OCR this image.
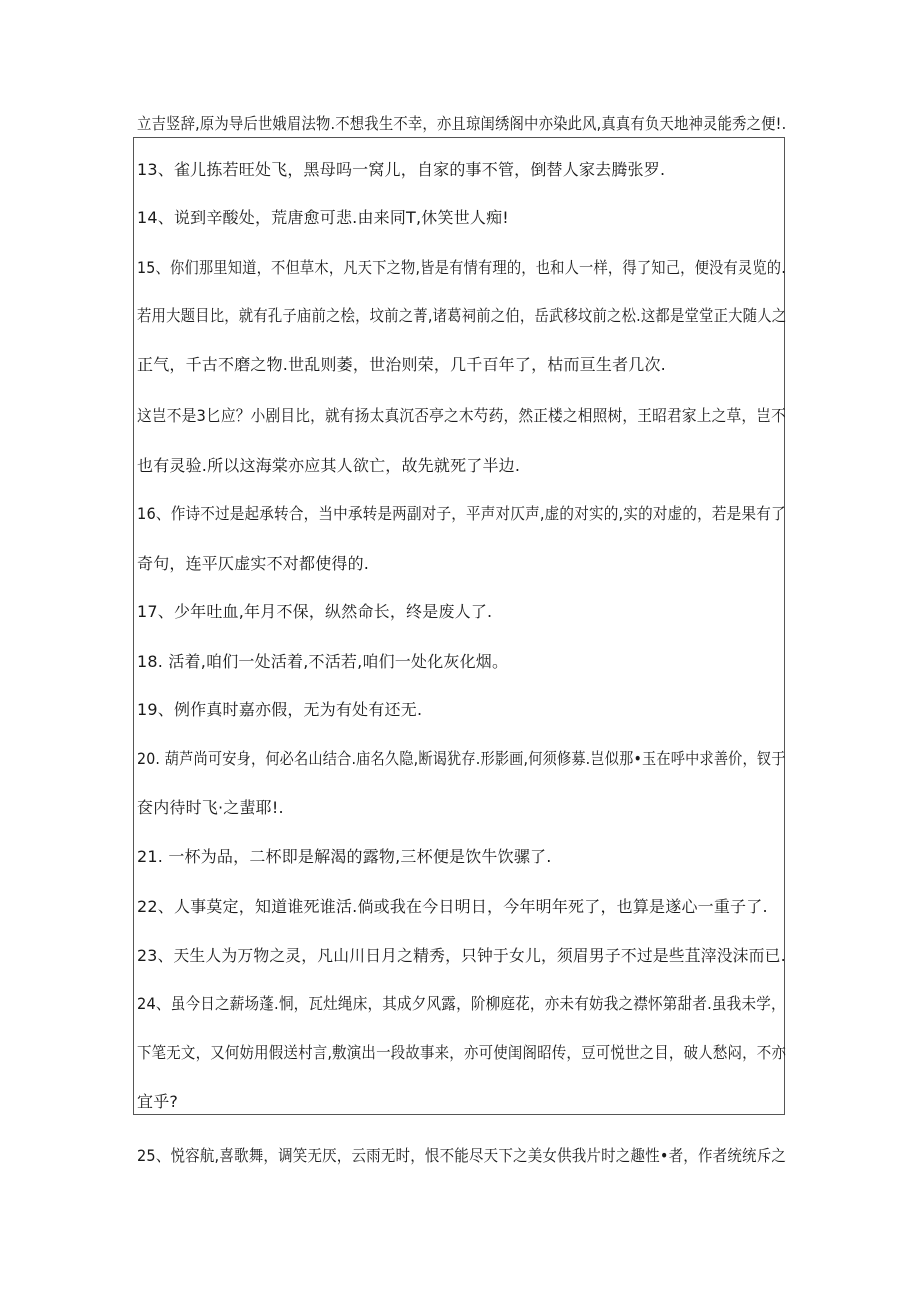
立吉竖辞,原为导后世娥眉法物.不想我生不幸，亦且琼闺绣阁中亦染此风,真真有负天地神灵能秀之便!.
13、雀儿拣若旺处飞，黑母吗一窝儿，自家的事不管，倒替人家去腾张罗.
14、说到辛酸处，荒唐愈可悲.由来同T,休笑世人痴!
15、你们那里知道，不但草木，凡天下之物,皆是有情有理的，也和人一样，得了知己，便没有灵览的.
若用大题目比，就有孔子庙前之桧，坟前之菁,诸葛祠前之伯，岳武移坟前之松.这都是堂堂正大随人之
正气，千古不磨之物.世乱则萎，世治则荣，几千百年了，枯而亘生者几次.
这岂不是3匕应？小剧目比，就有扬太真沉否亭之木芍药，然正楼之相照树，王昭君家上之草，岂不
也有灵验.所以这海棠亦应其人欲亡，故先就死了半边.
16、作诗不过是起承转合，当中承转是两副对子，平声对仄声,虚的对实的,实的对虚的，若是果有了
奇句，连平仄虚实不对都使得的.
17、少年吐血,年月不保，纵然命长，终是废人了.
18. 活着,咱们一处活着,不活若,咱们一处化灰化烟。
19、例作真时嘉亦假，无为有处有还无.
20. 葫芦尚可安身，何必名山结合.庙名久隐,断谒犹存.形影画,何须修募.岂似那•玉在呼中求善价，钗于
奁内待时飞·之蜚耶!.
21. 一杯为品，二杯即是解渴的露物,三杯便是饮牛饮骡了.
22、人事莫定，知道谁死谁活.倘或我在今日明日，今年明年死了，也算是遂心一重子了.
23、天生人为万物之灵，凡山川日月之精秀，只钟于女儿，须眉男子不过是些苴滓没沫而已.
24、虽今日之薪场蓬.恫，瓦灶绳床，其成夕风露，阶柳庭花，亦未有妨我之襟怀第甜者.虽我未学，
下笔无文，又何妨用假送村言,敷演出一段故事来，亦可使闺阁昭传，豆可悦世之目，破人愁闷，不亦
宜乎?
25、悦容航,喜歌舞，调笑无厌，云雨无时，恨不能尽天下之美女供我片时之趣性•者，作者统统斥之
